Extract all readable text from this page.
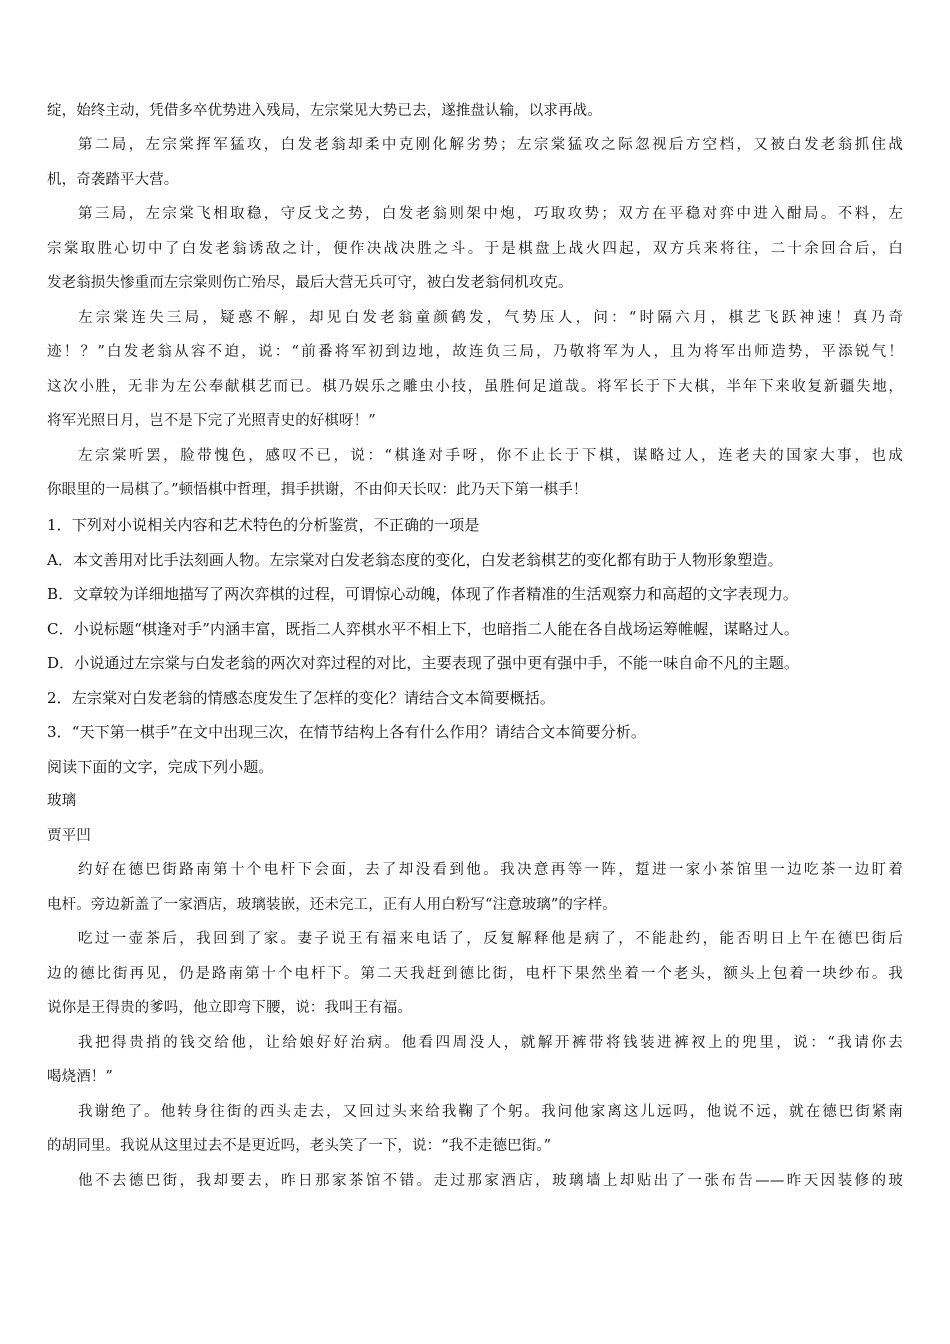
绽，始终主动，凭借多卒优势进入残局，左宗棠见大势已去，遂推盘认输，以求再战。
第二局，左宗棠挥军猛攻，白发老翁却柔中克刚化解劣势；左宗棠猛攻之际忽视后方空档，又被白发老翁抓住战
机，奇袭踏平大营。
第三局，左宗棠飞相取稳，守反戈之势，白发老翁则架中炮，巧取攻势；双方在平稳对弈中进入酣局。不料，左
宗棠取胜心切中了白发老翁诱敌之计，便作决战决胜之斗。于是棋盘上战火四起，双方兵来将往，二十余回合后，白
发老翁损失惨重而左宗棠则伤亡殆尽，最后大营无兵可守，被白发老翁伺机攻克。
左宗棠连失三局，疑惑不解，却见白发老翁童颜鹤发，气势压人，问：“时隔六月，棋艺飞跃神速！真乃奇
迹！？”白发老翁从容不迫，说：“前番将军初到边地，故连负三局，乃敬将军为人，且为将军出师造势，平添锐气！
这次小胜，无非为左公奉献棋艺而已。棋乃娱乐之雕虫小技，虽胜何足道哉。将军长于下大棋，半年下来收复新疆失地，
将军光照日月，岂不是下完了光照青史的好棋呀！”
左宗棠听罢，脸带愧色，感叹不已，说：“棋逢对手呀，你不止长于下棋，谋略过人，连老夫的国家大事，也成
你眼里的一局棋了。”顿悟棋中哲理，揖手拱谢，不由仰天长叹：此乃天下第一棋手！
1．下列对小说相关内容和艺术特色的分析鉴赏，不正确的一项是
A．本文善用对比手法刻画人物。左宗棠对白发老翁态度的变化，白发老翁棋艺的变化都有助于人物形象塑造。
B．文章较为详细地描写了两次弈棋的过程，可谓惊心动魄，体现了作者精准的生活观察力和高超的文字表现力。
C．小说标题“棋逢对手”内涵丰富，既指二人弈棋水平不相上下，也暗指二人能在各自战场运筹帷幄，谋略过人。
D．小说通过左宗棠与白发老翁的两次对弈过程的对比，主要表现了强中更有强中手，不能一味自命不凡的主题。
2．左宗棠对白发老翁的情感态度发生了怎样的变化？请结合文本简要概括。
3．“天下第一棋手”在文中出现三次，在情节结构上各有什么作用？请结合文本简要分析。
阅读下面的文字，完成下列小题。
玻璃
贾平凹
约好在德巴街路南第十个电杆下会面，去了却没看到他。我决意再等一阵，踅进一家小茶馆里一边吃茶一边盯着
电杆。旁边新盖了一家酒店，玻璃装嵌，还未完工，正有人用白粉写“注意玻璃”的字样。
吃过一壶茶后，我回到了家。妻子说王有福来电话了，反复解释他是病了，不能赴约，能否明日上午在德巴街后
边的德比街再见，仍是路南第十个电杆下。第二天我赶到德比街，电杆下果然坐着一个老头，额头上包着一块纱布。我
说你是王得贵的爹吗，他立即弯下腰，说：我叫王有福。
我把得贵捎的钱交给他，让给娘好好治病。他看四周没人，就解开裤带将钱装进裤衩上的兜里，说：“我请你去
喝烧酒！”
我谢绝了。他转身往街的西头走去，又回过头来给我鞠了个躬。我问他家离这儿远吗，他说不远，就在德巴街紧南
的胡同里。我说从这里过去不是更近吗，老头笑了一下，说：“我不走德巴街。”
他不去德巴街，我却要去，昨日那家茶馆不错。走过那家酒店，玻璃墙上却贴出了一张布告——昨天因装修的玻
